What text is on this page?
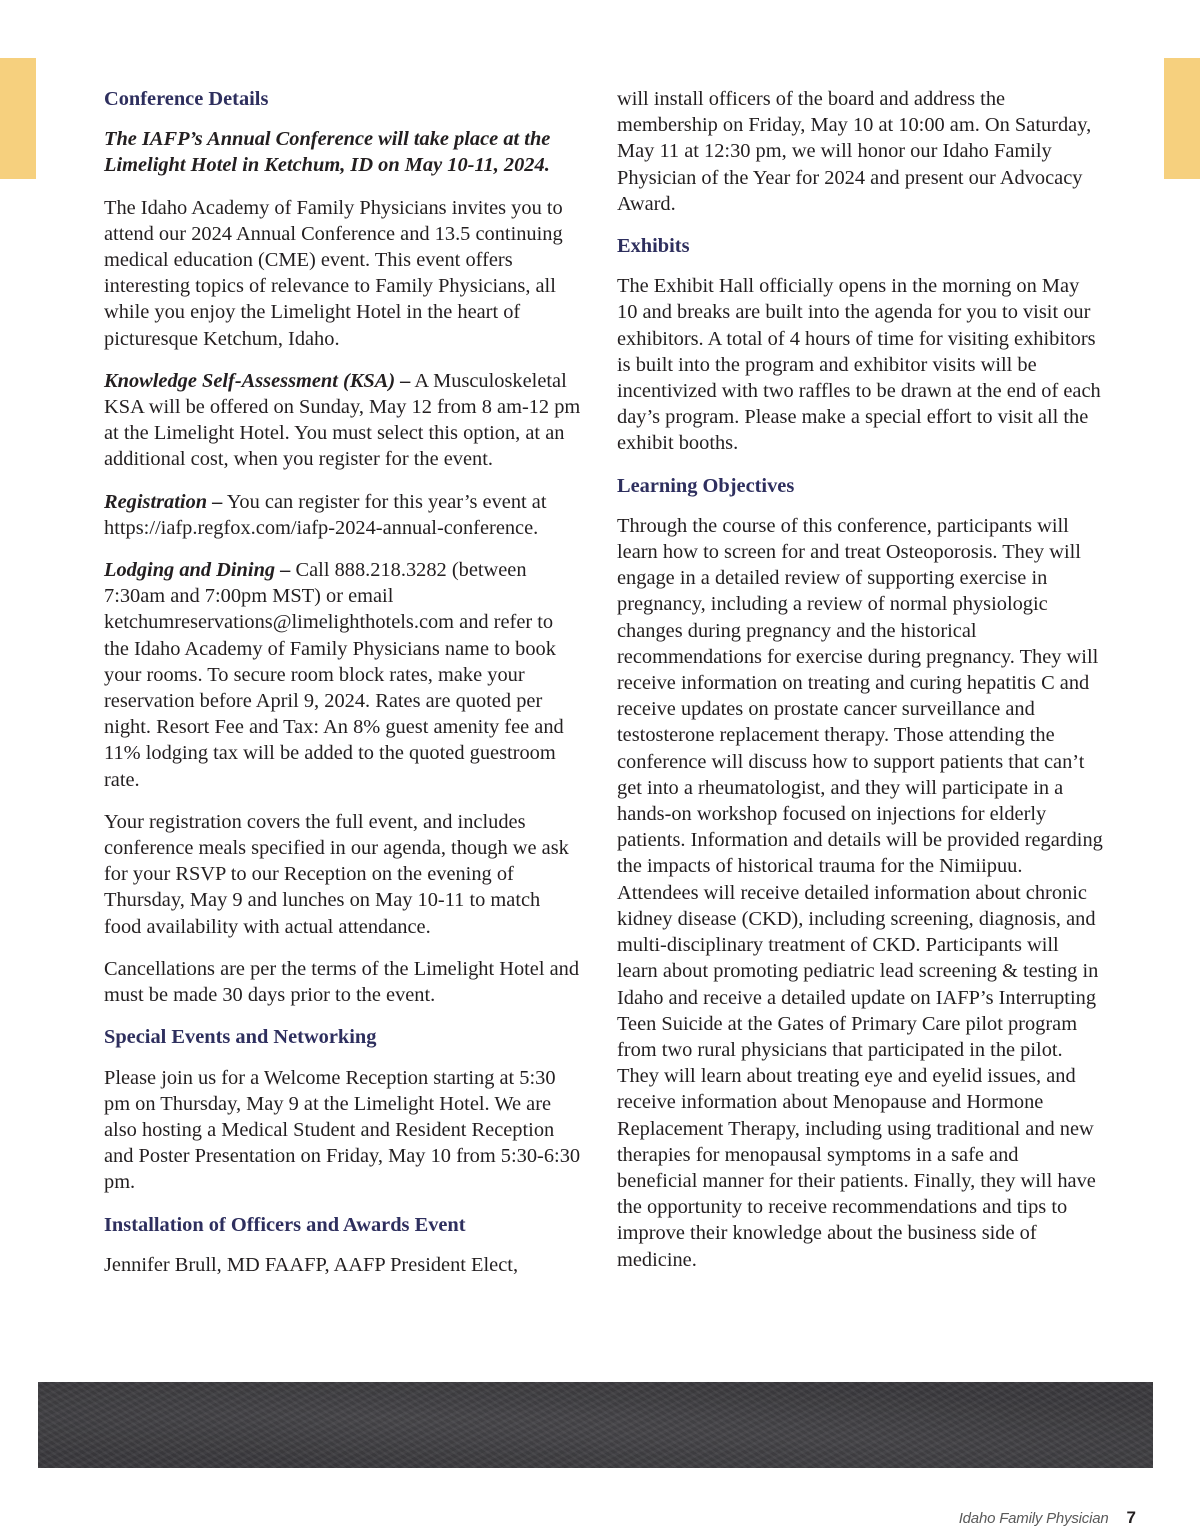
Conference Details

The IAFP’s Annual Conference will take place at the Limelight Hotel in Ketchum, ID on May 10-11, 2024.

The Idaho Academy of Family Physicians invites you to attend our 2024 Annual Conference and 13.5 continuing medical education (CME) event. This event offers interesting topics of relevance to Family Physicians, all while you enjoy the Limelight Hotel in the heart of picturesque Ketchum, Idaho.

Knowledge Self-Assessment (KSA) – A Musculoskeletal KSA will be offered on Sunday, May 12 from 8 am-12 pm at the Limelight Hotel. You must select this option, at an additional cost, when you register for the event.

Registration – You can register for this year’s event at https://iafp.regfox.com/iafp-2024-annual-conference.

Lodging and Dining – Call 888.218.3282 (between 7:30am and 7:00pm MST) or email ketchumreservations@limelighthotels.com and refer to the Idaho Academy of Family Physicians name to book your rooms. To secure room block rates, make your reservation before April 9, 2024. Rates are quoted per night. Resort Fee and Tax: An 8% guest amenity fee and 11% lodging tax will be added to the quoted guestroom rate.

Your registration covers the full event, and includes conference meals specified in our agenda, though we ask for your RSVP to our Reception on the evening of Thursday, May 9 and lunches on May 10-11 to match food availability with actual attendance.

Cancellations are per the terms of the Limelight Hotel and must be made 30 days prior to the event.

Special Events and Networking

Please join us for a Welcome Reception starting at 5:30 pm on Thursday, May 9 at the Limelight Hotel. We are also hosting a Medical Student and Resident Reception and Poster Presentation on Friday, May 10 from 5:30-6:30 pm.

Installation of Officers and Awards Event

Jennifer Brull, MD FAAFP, AAFP President Elect,

will install officers of the board and address the membership on Friday, May 10 at 10:00 am. On Saturday, May 11 at 12:30 pm, we will honor our Idaho Family Physician of the Year for 2024 and present our Advocacy Award.

Exhibits

The Exhibit Hall officially opens in the morning on May 10 and breaks are built into the agenda for you to visit our exhibitors. A total of 4 hours of time for visiting exhibitors is built into the program and exhibitor visits will be incentivized with two raffles to be drawn at the end of each day’s program. Please make a special effort to visit all the exhibit booths.

Learning Objectives

Through the course of this conference, participants will learn how to screen for and treat Osteoporosis. They will engage in a detailed review of supporting exercise in pregnancy, including a review of normal physiologic changes during pregnancy and the historical recommendations for exercise during pregnancy. They will receive information on treating and curing hepatitis C and receive updates on prostate cancer surveillance and testosterone replacement therapy. Those attending the conference will discuss how to support patients that can’t get into a rheumatologist, and they will participate in a hands-on workshop focused on injections for elderly patients. Information and details will be provided regarding the impacts of historical trauma for the Nimiipuu. Attendees will receive detailed information about chronic kidney disease (CKD), including screening, diagnosis, and multi-disciplinary treatment of CKD. Participants will learn about promoting pediatric lead screening & testing in Idaho and receive a detailed update on IAFP’s Interrupting Teen Suicide at the Gates of Primary Care pilot program from two rural physicians that participated in the pilot. They will learn about treating eye and eyelid issues, and receive information about Menopause and Hormone Replacement Therapy, including using traditional and new therapies for menopausal symptoms in a safe and beneficial manner for their patients. Finally, they will have the opportunity to receive recommendations and tips to improve their knowledge about the business side of medicine.

Idaho Family Physician 7
